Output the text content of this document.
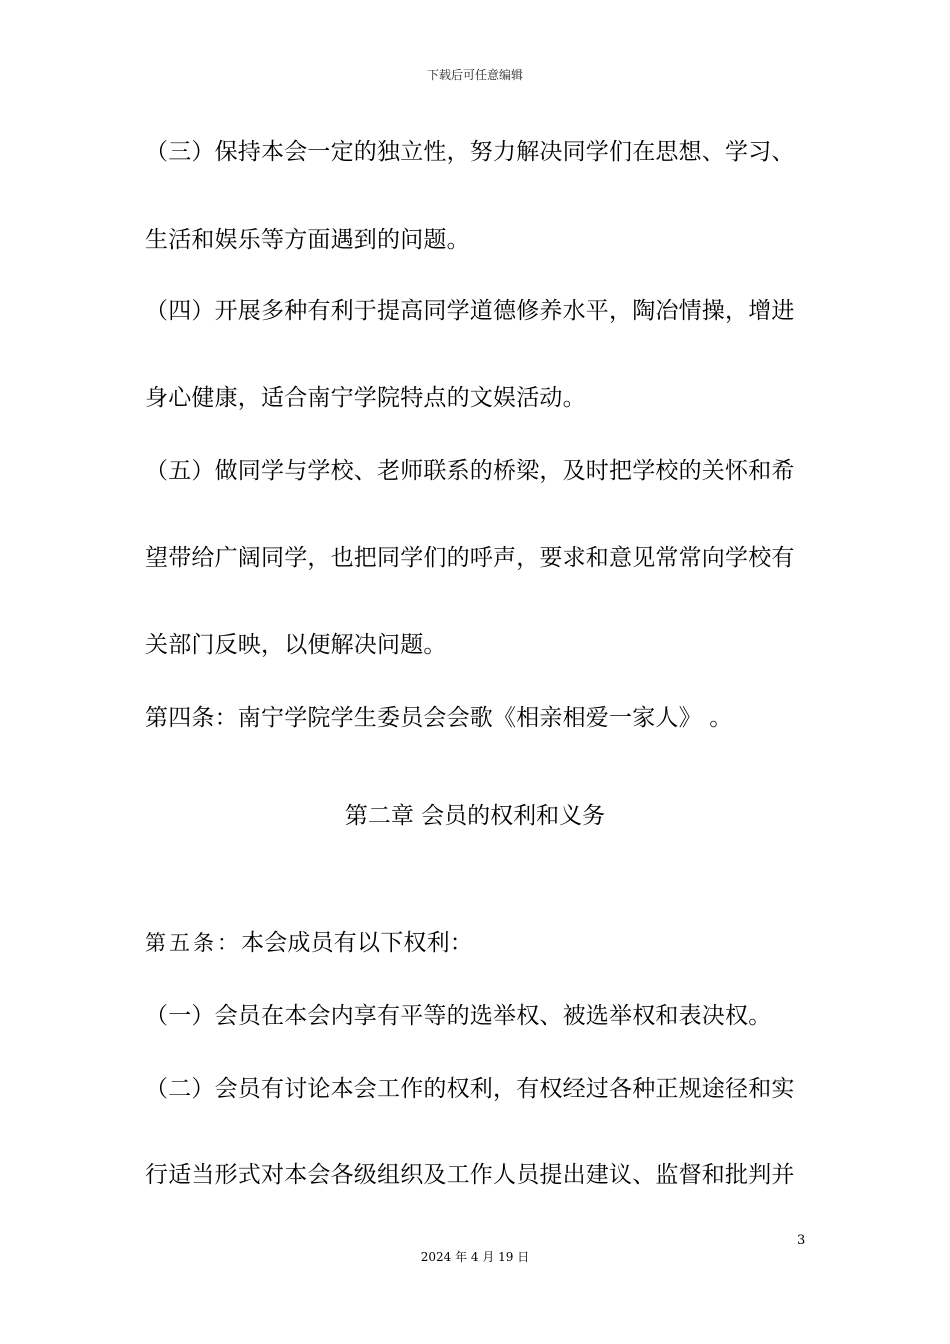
下载后可任意编辑
（三）保持本会一定的独立性，努力解决同学们在思想、学习、
生活和娱乐等方面遇到的问题。
（四）开展多种有利于提高同学道德修养水平，陶冶情操，增进
身心健康，适合南宁学院特点的文娱活动。
（五）做同学与学校、老师联系的桥梁，及时把学校的关怀和希
望带给广阔同学，也把同学们的呼声，要求和意见常常向学校有
关部门反映，以便解决问题。
第四条：南宁学院学生委员会会歌《相亲相爱一家人》 。
第二章 会员的权利和义务
第五条：本会成员有以下权利：
（一）会员在本会内享有平等的选举权、被选举权和表决权。
（二）会员有讨论本会工作的权利，有权经过各种正规途径和实
行适当形式对本会各级组织及工作人员提出建议、监督和批判并
3
2024 年 4 月 19 日
